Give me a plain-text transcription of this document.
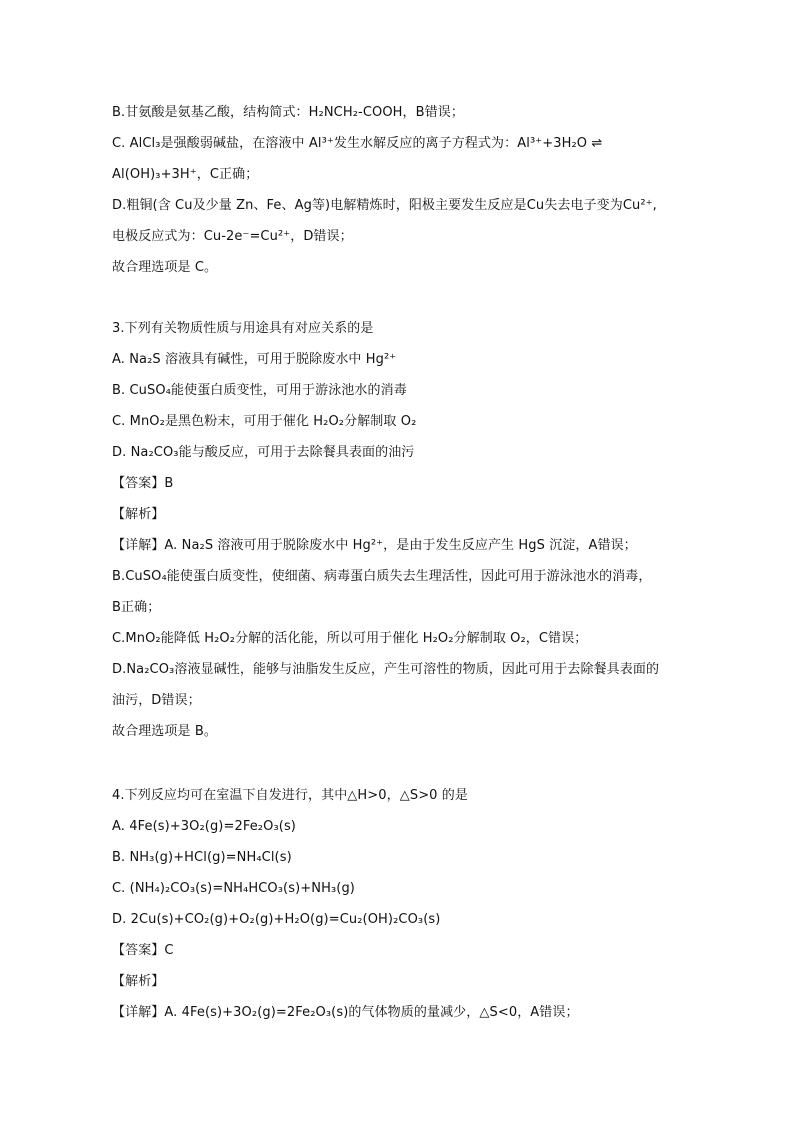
B.甘氨酸是氨基乙酸，结构简式：H₂NCH₂-COOH，B错误；
C. AlCl₃是强酸弱碱盐，在溶液中 Al³⁺发生水解反应的离子方程式为：Al³⁺+3H₂O ⇌
Al(OH)₃+3H⁺，C正确；
D.粗铜(含 Cu及少量 Zn、Fe、Ag等)电解精炼时，阳极主要发生反应是Cu失去电子变为Cu²⁺,
电极反应式为：Cu-2e⁻=Cu²⁺，D错误；
故合理选项是 C。
3.下列有关物质性质与用途具有对应关系的是
A. Na₂S 溶液具有碱性，可用于脱除废水中 Hg²⁺
B. CuSO₄能使蛋白质变性，可用于游泳池水的消毒
C. MnO₂是黑色粉末，可用于催化 H₂O₂分解制取 O₂
D. Na₂CO₃能与酸反应，可用于去除餐具表面的油污
【答案】B
【解析】
【详解】A. Na₂S 溶液可用于脱除废水中 Hg²⁺，是由于发生反应产生 HgS 沉淀，A错误；
B.CuSO₄能使蛋白质变性，使细菌、病毒蛋白质失去生理活性，因此可用于游泳池水的消毒，
B正确；
C.MnO₂能降低 H₂O₂分解的活化能，所以可用于催化 H₂O₂分解制取 O₂，C错误；
D.Na₂CO₃溶液显碱性，能够与油脂发生反应，产生可溶性的物质，因此可用于去除餐具表面的
油污，D错误；
故合理选项是 B。
4.下列反应均可在室温下自发进行，其中△H>0，△S>0 的是
A. 4Fe(s)+3O₂(g)=2Fe₂O₃(s)
B. NH₃(g)+HCl(g)=NH₄Cl(s)
C. (NH₄)₂CO₃(s)=NH₄HCO₃(s)+NH₃(g)
D. 2Cu(s)+CO₂(g)+O₂(g)+H₂O(g)=Cu₂(OH)₂CO₃(s)
【答案】C
【解析】
【详解】A. 4Fe(s)+3O₂(g)=2Fe₂O₃(s)的气体物质的量减少，△S<0，A错误；
